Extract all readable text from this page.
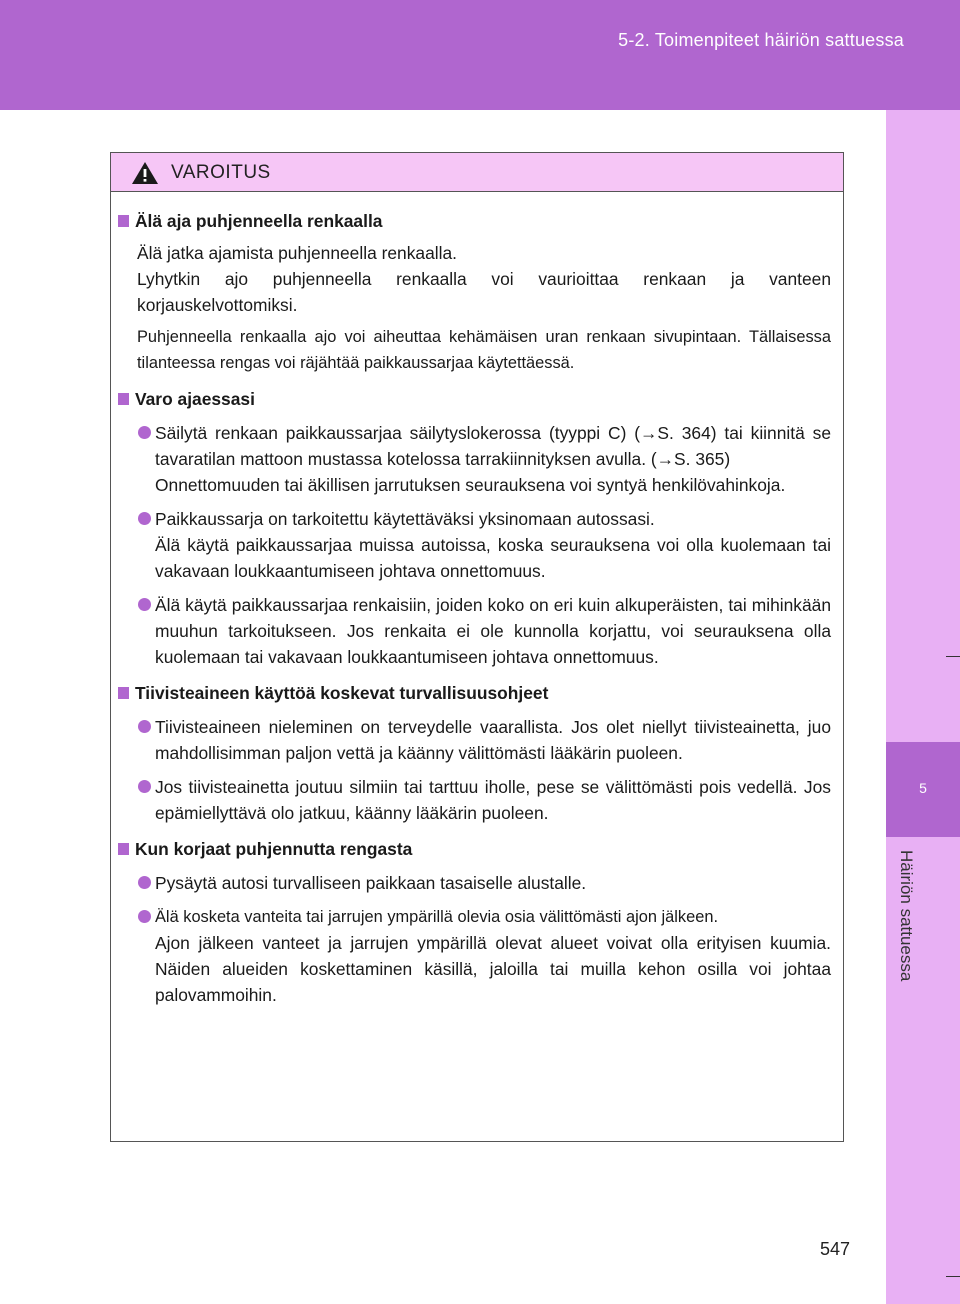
5-2. Toimenpiteet häiriön sattuessa
5
Häiriön sattuessa
VAROITUS
Älä aja puhjenneella renkaalla
Älä jatka ajamista puhjenneella renkaalla.
Lyhytkin ajo puhjenneella renkaalla voi vaurioittaa renkaan ja vanteen korjauskelvottomiksi.
Puhjenneella renkaalla ajo voi aiheuttaa kehämäisen uran renkaan sivupintaan. Tällaisessa tilanteessa rengas voi räjähtää paikkaussarjaa käytettäessä.
Varo ajaessasi
Säilytä renkaan paikkaussarjaa säilytyslokerossa (tyyppi C) (→S. 364) tai kiinnitä se tavaratilan mattoon mustassa kotelossa tarrakiinnityksen avulla. (→S. 365)
Onnettomuuden tai äkillisen jarrutuksen seurauksena voi syntyä henkilövahinkoja.
Paikkaussarja on tarkoitettu käytettäväksi yksinomaan autossasi.
Älä käytä paikkaussarjaa muissa autoissa, koska seurauksena voi olla kuolemaan tai vakavaan loukkaantumiseen johtava onnettomuus.
Älä käytä paikkaussarjaa renkaisiin, joiden koko on eri kuin alkuperäisten, tai mihinkään muuhun tarkoitukseen. Jos renkaita ei ole kunnolla korjattu, voi seurauksena olla kuolemaan tai vakavaan loukkaantumiseen johtava onnettomuus.
Tiivisteaineen käyttöä koskevat turvallisuusohjeet
Tiivisteaineen nieleminen on terveydelle vaarallista. Jos olet niellyt tiivisteainetta, juo mahdollisimman paljon vettä ja käänny välittömästi lääkärin puoleen.
Jos tiivisteainetta joutuu silmiin tai tarttuu iholle, pese se välittömästi pois vedellä. Jos epämiellyttävä olo jatkuu, käänny lääkärin puoleen.
Kun korjaat puhjennutta rengasta
Pysäytä autosi turvalliseen paikkaan tasaiselle alustalle.
Älä kosketa vanteita tai jarrujen ympärillä olevia osia välittömästi ajon jälkeen.
Ajon jälkeen vanteet ja jarrujen ympärillä olevat alueet voivat olla erityisen kuumia. Näiden alueiden koskettaminen käsillä, jaloilla tai muilla kehon osilla voi johtaa palovammoihin.
547
